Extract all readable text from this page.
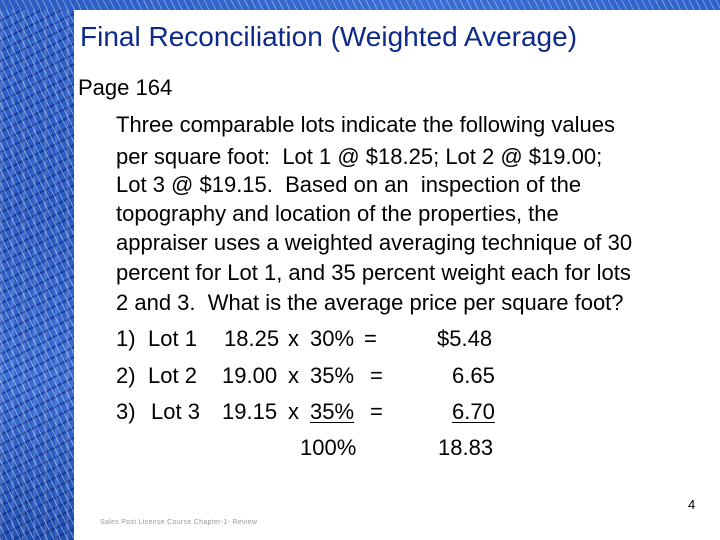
Final Reconciliation (Weighted Average)
Page 164
Three comparable lots indicate the following values
per square foot:  Lot 1 @ $18.25; Lot 2 @ $19.00;
Lot 3 @ $19.15.  Based on an  inspection of the
topography and location of the properties, the
appraiser uses a weighted averaging technique of 30
percent for Lot 1, and 35 percent weight each for lots
2 and 3.  What is the average price per square foot?
1) Lot 1 18.25 x 30% =	$5.48
2) Lot 2 19.00 x 35% =	6.65
3) Lot 3 19.15 x 35% =	6.70
100%	18.83
4
Sales Post License Course Chapter-1- Review
